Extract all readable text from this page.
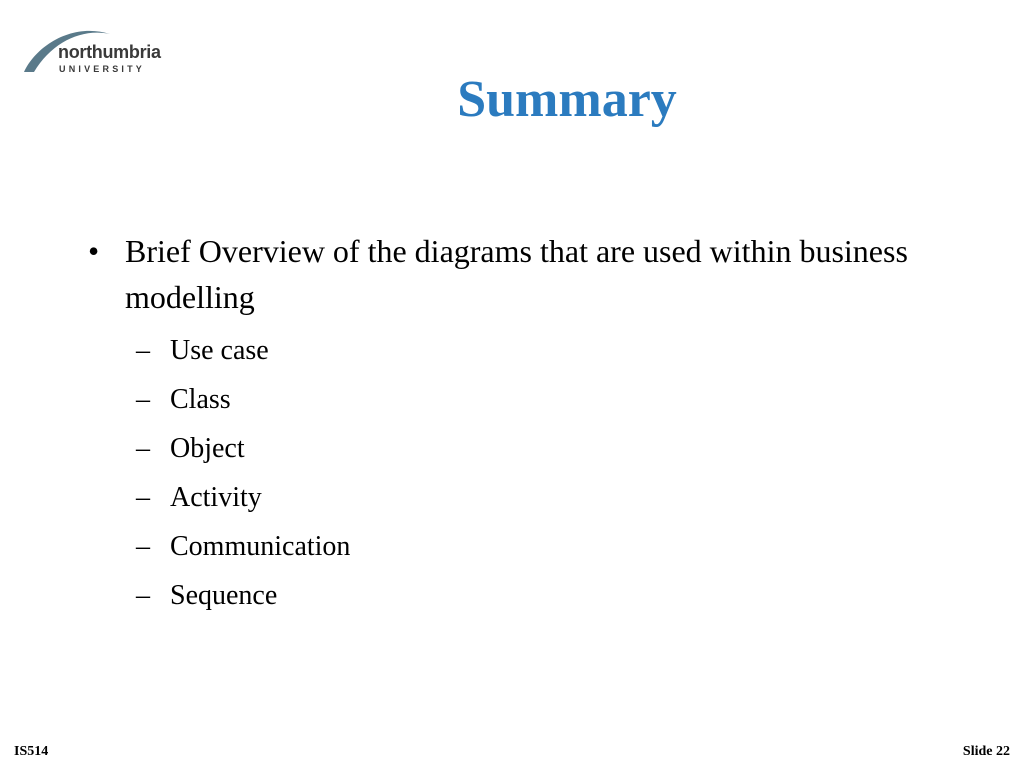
northumbria
UNIVERSITY
Summary
• Brief Overview of the diagrams that are used within business modelling
– Use case
– Class
– Object
– Activity
– Communication
– Sequence
IS514	Slide 22
